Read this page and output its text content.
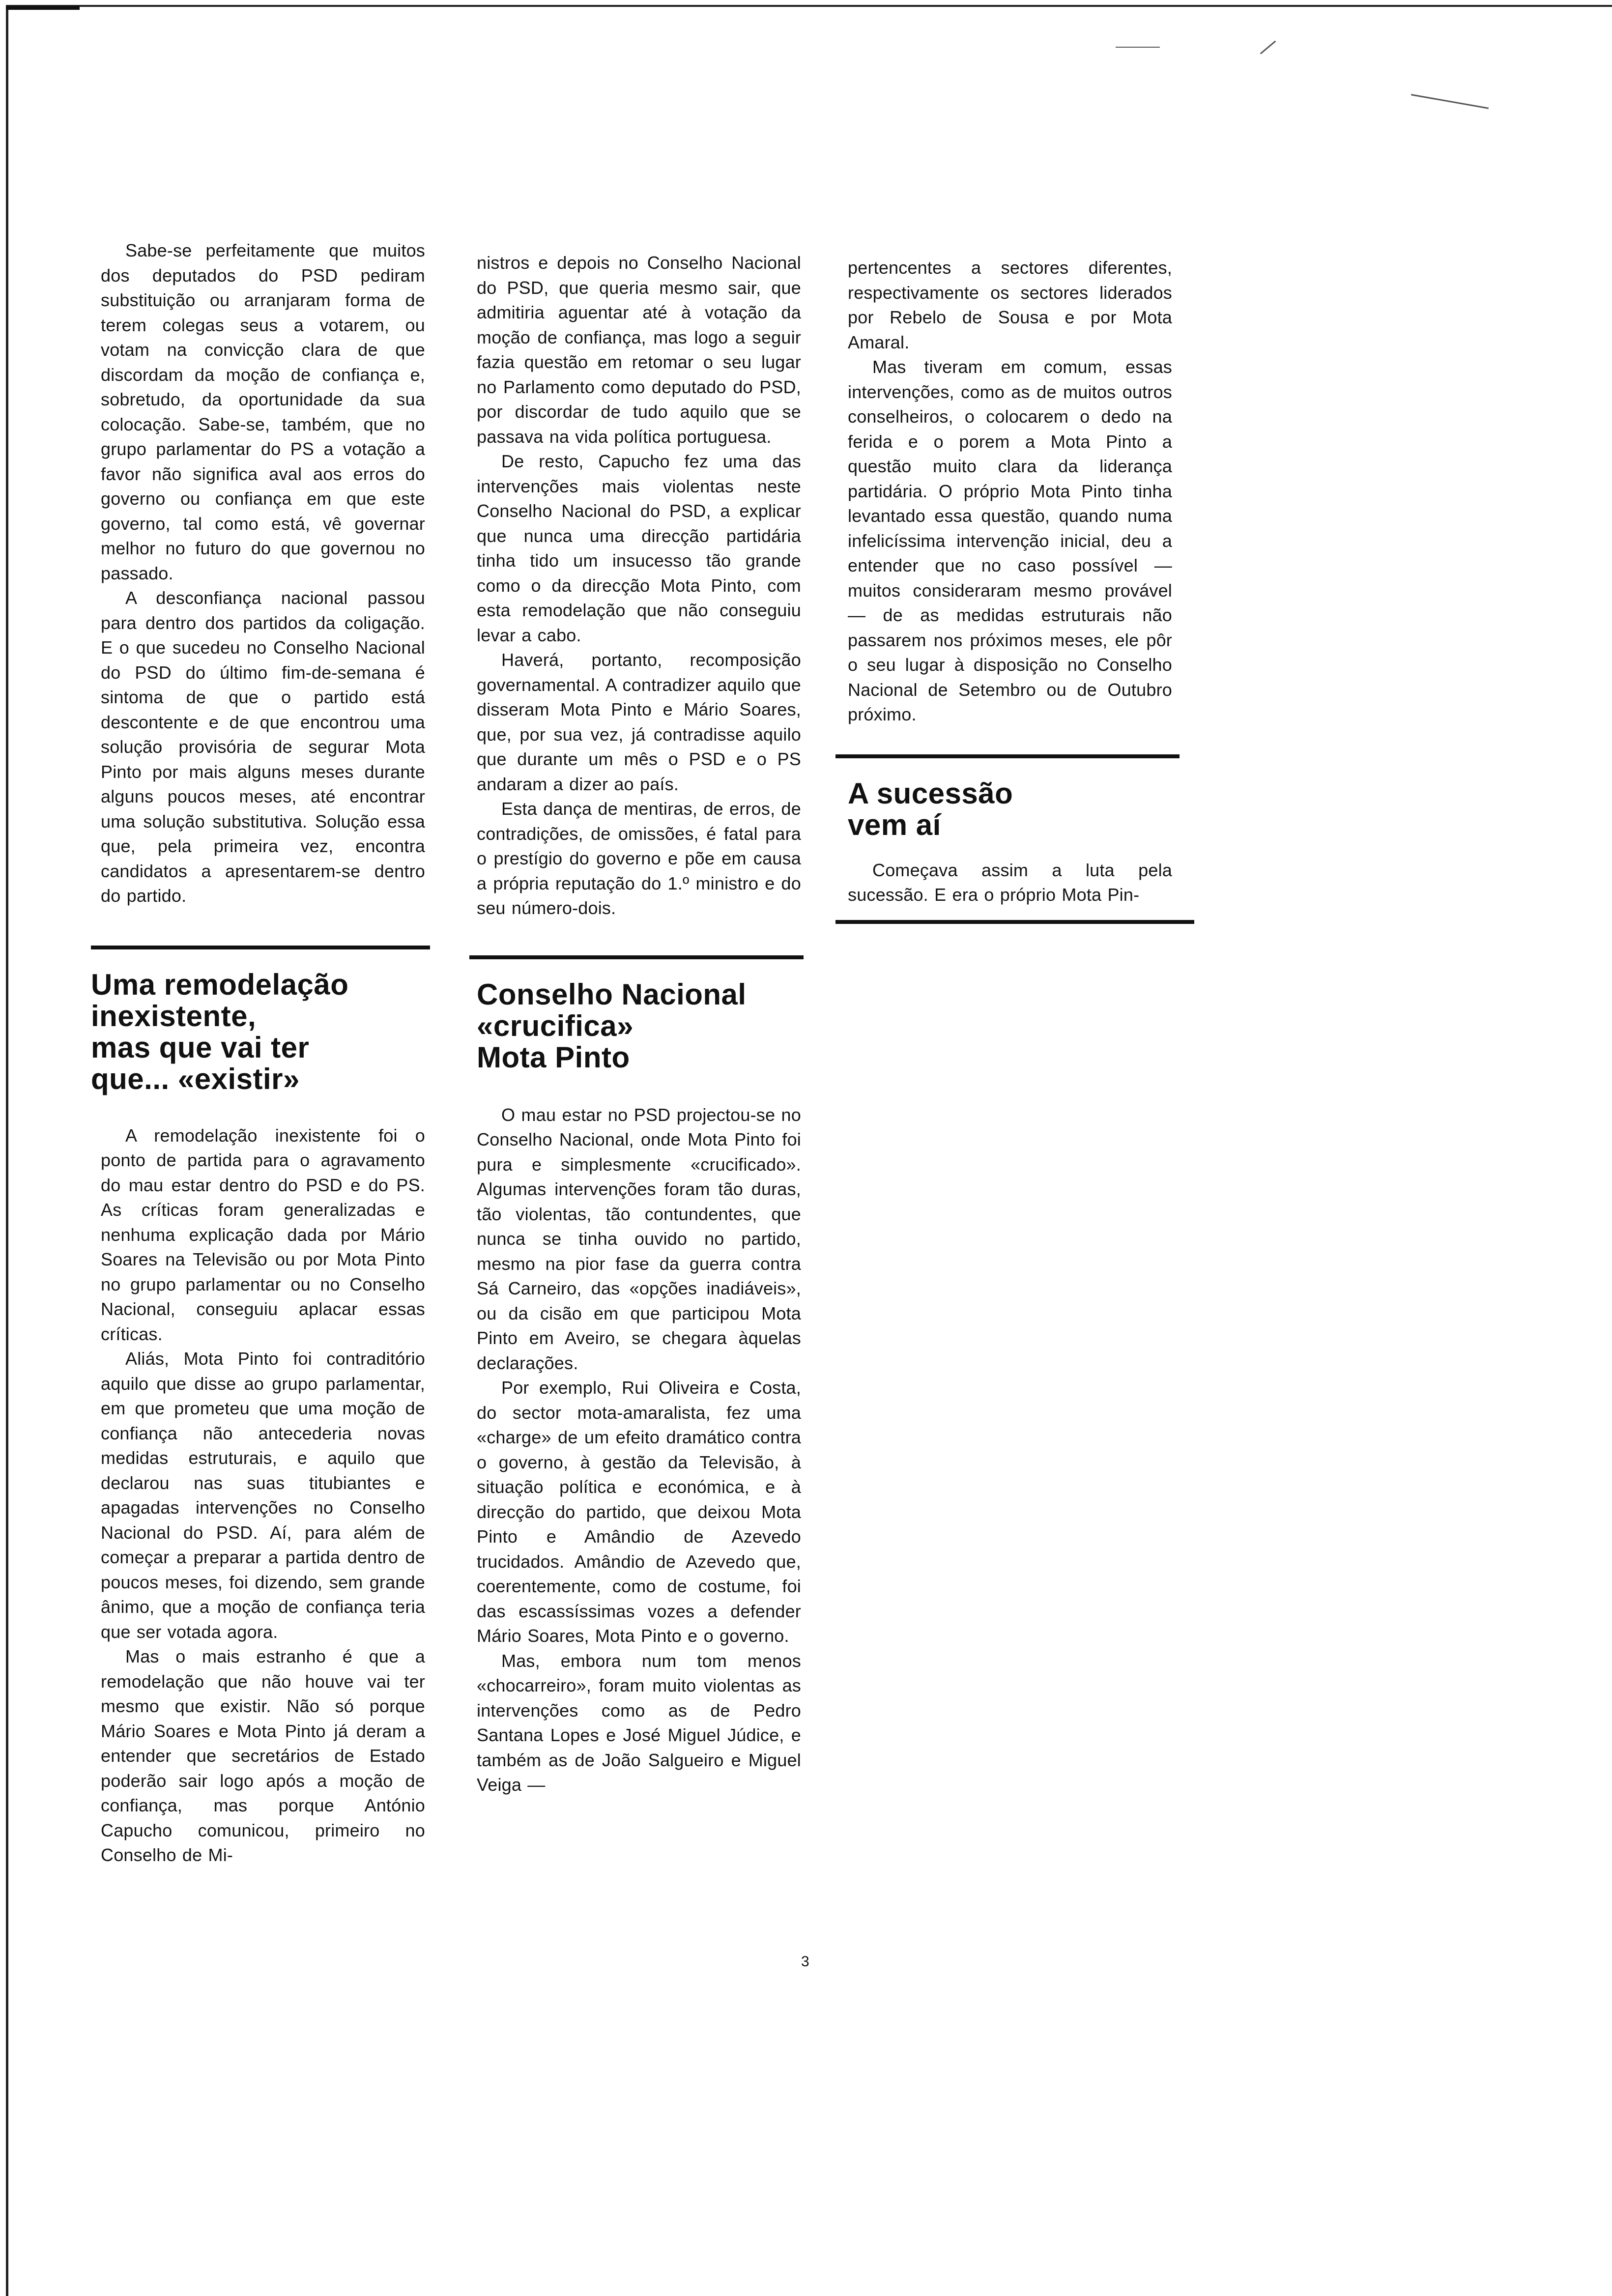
Sabe-se perfeitamente que muitos dos deputados do PSD pediram substituição ou arranjaram forma de terem colegas seus a votarem, ou votam na convicção clara de que discordam da moção de confiança e, sobretudo, da oportunidade da sua colocação. Sabe-se, também, que no grupo parlamentar do PS a votação a favor não significa aval aos erros do governo ou confiança em que este governo, tal como está, vê governar melhor no futuro do que governou no passado.

A desconfiança nacional passou para dentro dos partidos da coligação. E o que sucedeu no Conselho Nacional do PSD do último fim-de-semana é sintoma de que o partido está descontente e de que encontrou uma solução provisória de segurar Mota Pinto por mais alguns meses durante alguns poucos meses, até encontrar uma solução substitutiva. Solução essa que, pela primeira vez, encontra candidatos a apresentarem-se dentro do partido.

Uma remodelação
inexistente,
mas que vai ter
que... «existir»

A remodelação inexistente foi o ponto de partida para o agravamento do mau estar dentro do PSD e do PS. As críticas foram generalizadas e nenhuma explicação dada por Mário Soares na Televisão ou por Mota Pinto no grupo parlamentar ou no Conselho Nacional, conseguiu aplacar essas críticas.

Aliás, Mota Pinto foi contraditório aquilo que disse ao grupo parlamentar, em que prometeu que uma moção de confiança não antecederia novas medidas estruturais, e aquilo que declarou nas suas titubiantes e apagadas intervenções no Conselho Nacional do PSD. Aí, para além de começar a preparar a partida dentro de poucos meses, foi dizendo, sem grande ânimo, que a moção de confiança teria que ser votada agora.

Mas o mais estranho é que a remodelação que não houve vai ter mesmo que existir. Não só porque Mário Soares e Mota Pinto já deram a entender que secretários de Estado poderão sair logo após a moção de confiança, mas porque António Capucho comunicou, primeiro no Conselho de Mi-

nistros e depois no Conselho Nacional do PSD, que queria mesmo sair, que admitiria aguentar até à votação da moção de confiança, mas logo a seguir fazia questão em retomar o seu lugar no Parlamento como deputado do PSD, por discordar de tudo aquilo que se passava na vida política portuguesa.

De resto, Capucho fez uma das intervenções mais violentas neste Conselho Nacional do PSD, a explicar que nunca uma direcção partidária tinha tido um insucesso tão grande como o da direcção Mota Pinto, com esta remodelação que não conseguiu levar a cabo.

Haverá, portanto, recomposição governamental. A contradizer aquilo que disseram Mota Pinto e Mário Soares, que, por sua vez, já contradisse aquilo que durante um mês o PSD e o PS andaram a dizer ao país.

Esta dança de mentiras, de erros, de contradições, de omissões, é fatal para o prestígio do governo e põe em causa a própria reputação do 1.º ministro e do seu número-dois.

Conselho Nacional
«crucifica»
Mota Pinto

O mau estar no PSD projectou-se no Conselho Nacional, onde Mota Pinto foi pura e simplesmente «crucificado». Algumas intervenções foram tão duras, tão violentas, tão contundentes, que nunca se tinha ouvido no partido, mesmo na pior fase da guerra contra Sá Carneiro, das «opções inadiáveis», ou da cisão em que participou Mota Pinto em Aveiro, se chegara àquelas declarações.

Por exemplo, Rui Oliveira e Costa, do sector mota-amaralista, fez uma «charge» de um efeito dramático contra o governo, à gestão da Televisão, à situação política e económica, e à direcção do partido, que deixou Mota Pinto e Amândio de Azevedo trucidados. Amândio de Azevedo que, coerentemente, como de costume, foi das escassíssimas vozes a defender Mário Soares, Mota Pinto e o governo.

Mas, embora num tom menos «chocarreiro», foram muito violentas as intervenções como as de Pedro Santana Lopes e José Miguel Júdice, e também as de João Salgueiro e Miguel Veiga —

3

pertencentes a sectores diferentes, respectivamente os sectores liderados por Rebelo de Sousa e por Mota Amaral.

Mas tiveram em comum, essas intervenções, como as de muitos outros conselheiros, o colocarem o dedo na ferida e o porem a Mota Pinto a questão muito clara da liderança partidária. O próprio Mota Pinto tinha levantado essa questão, quando numa infelicíssima intervenção inicial, deu a entender que no caso possível — muitos consideraram mesmo provável — de as medidas estruturais não passarem nos próximos meses, ele pôr o seu lugar à disposição no Conselho Nacional de Setembro ou de Outubro próximo.

A sucessão
vem aí

Começava assim a luta pela sucessão. E era o próprio Mota Pin-
